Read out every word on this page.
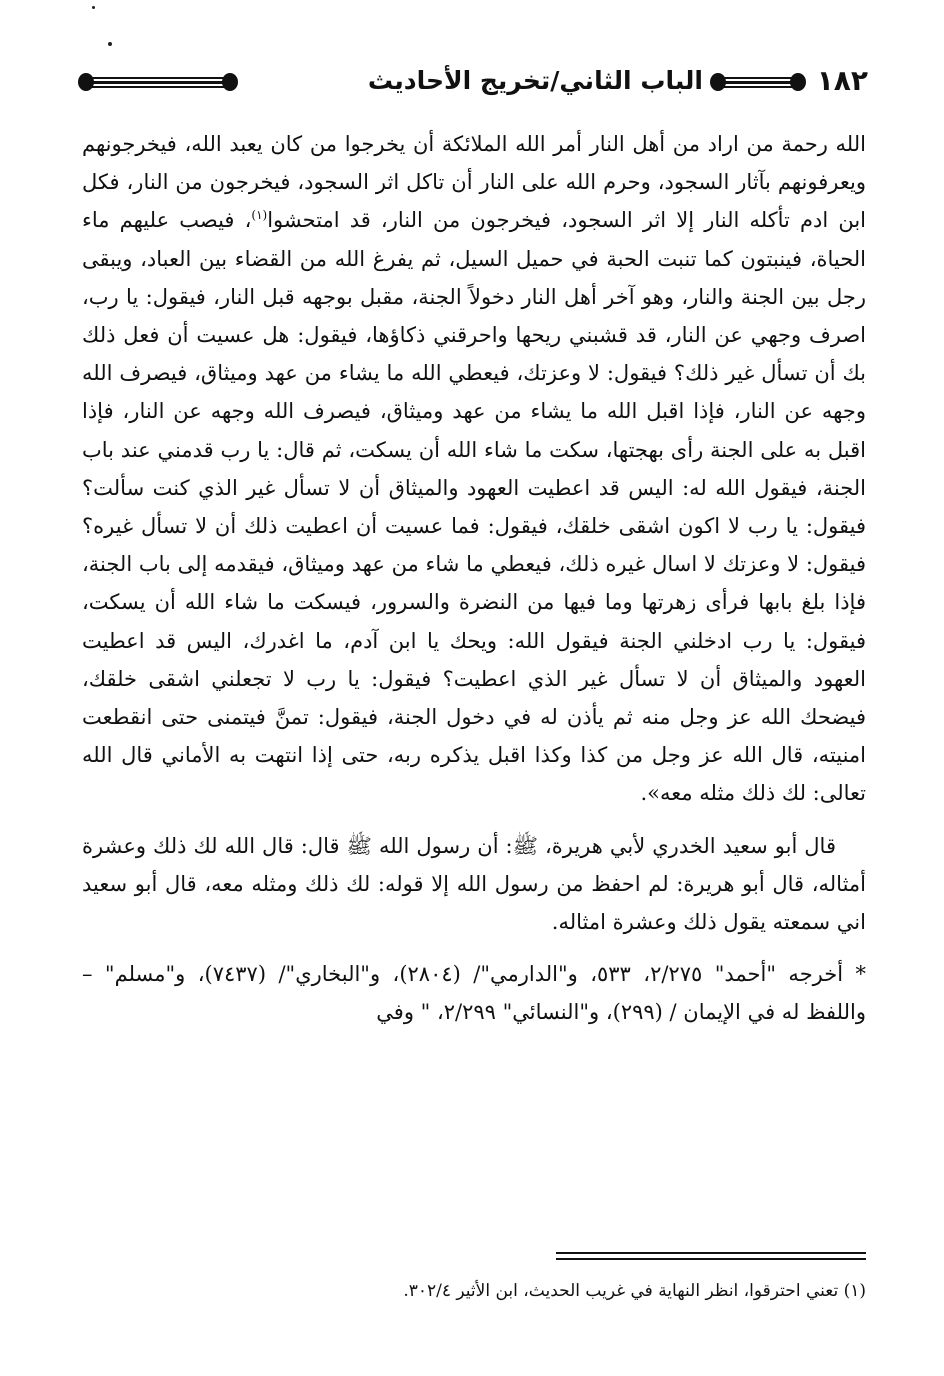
١٨٢
الباب الثاني/تخريج الأحاديث

الله رحمة من اراد من أهل النار أمر الله الملائكة أن يخرجوا من كان يعبد الله، فيخرجونهم ويعرفونهم بآثار السجود، وحرم الله على النار أن تاكل اثر السجود، فيخرجون من النار، فكل ابن ادم تأكله النار إلا اثر السجود، فيخرجون من النار، قد امتحشوا$^{(١)}$، فيصب عليهم ماء الحياة، فينبتون كما تنبت الحبة في حميل السيل، ثم يفرغ الله من القضاء بين العباد، ويبقى رجل بين الجنة والنار، وهو آخر أهل النار دخولاً الجنة، مقبل بوجهه قبل النار، فيقول: يا رب، اصرف وجهي عن النار، قد قشبني ريحها واحرقني ذكاؤها، فيقول: هل عسيت أن فعل ذلك بك أن تسأل غير ذلك؟ فيقول: لا وعزتك، فيعطي الله ما يشاء من عهد وميثاق، فيصرف الله وجهه عن النار، فإذا اقبل الله ما يشاء من عهد وميثاق، فيصرف الله وجهه عن النار، فإذا اقبل به على الجنة رأى بهجتها، سكت ما شاء الله أن يسكت، ثم قال: يا رب قدمني عند باب الجنة، فيقول الله له: اليس قد اعطيت العهود والميثاق أن لا تسأل غير الذي كنت سألت؟ فيقول: يا رب لا اكون اشقى خلقك، فيقول: فما عسيت أن اعطيت ذلك أن لا تسأل غيره؟ فيقول: لا وعزتك لا اسال غيره ذلك، فيعطي ما شاء من عهد وميثاق، فيقدمه إلى باب الجنة، فإذا بلغ بابها فرأى زهرتها وما فيها من النضرة والسرور، فيسكت ما شاء الله أن يسكت، فيقول: يا رب ادخلني الجنة فيقول الله: ويحك يا ابن آدم، ما اغدرك، اليس قد اعطيت العهود والميثاق أن لا تسأل غير الذي اعطيت؟ فيقول: يا رب لا تجعلني اشقى خلقك، فيضحك الله عز وجل منه ثم يأذن له في دخول الجنة، فيقول: تمنَّ فيتمنى حتى انقطعت امنيته، قال الله عز وجل من كذا وكذا اقبل يذكره ربه، حتى إذا انتهت به الأماني قال الله تعالى: لك ذلك مثله معه».

قال أبو سعيد الخدري لأبي هريرة، ﷺ: أن رسول الله ﷺ قال: قال الله لك ذلك وعشرة أمثاله، قال أبو هريرة: لم احفظ من رسول الله إلا قوله: لك ذلك ومثله معه، قال أبو سعيد اني سمعته يقول ذلك وعشرة امثاله.

* أخرجه "أحمد" ٢/٢٧٥، ٥٣٣، و"الدارمي"/ (٢٨٠٤)، و"البخاري"/ (٧٤٣٧)، و"مسلم" –واللفظ له في الإيمان / (٢٩٩)، و"النسائي" ٢/٢٩٩، " وفي

(١) تعني احترقوا، انظر النهاية في غريب الحديث، ابن الأثير ٣٠٢/٤.
